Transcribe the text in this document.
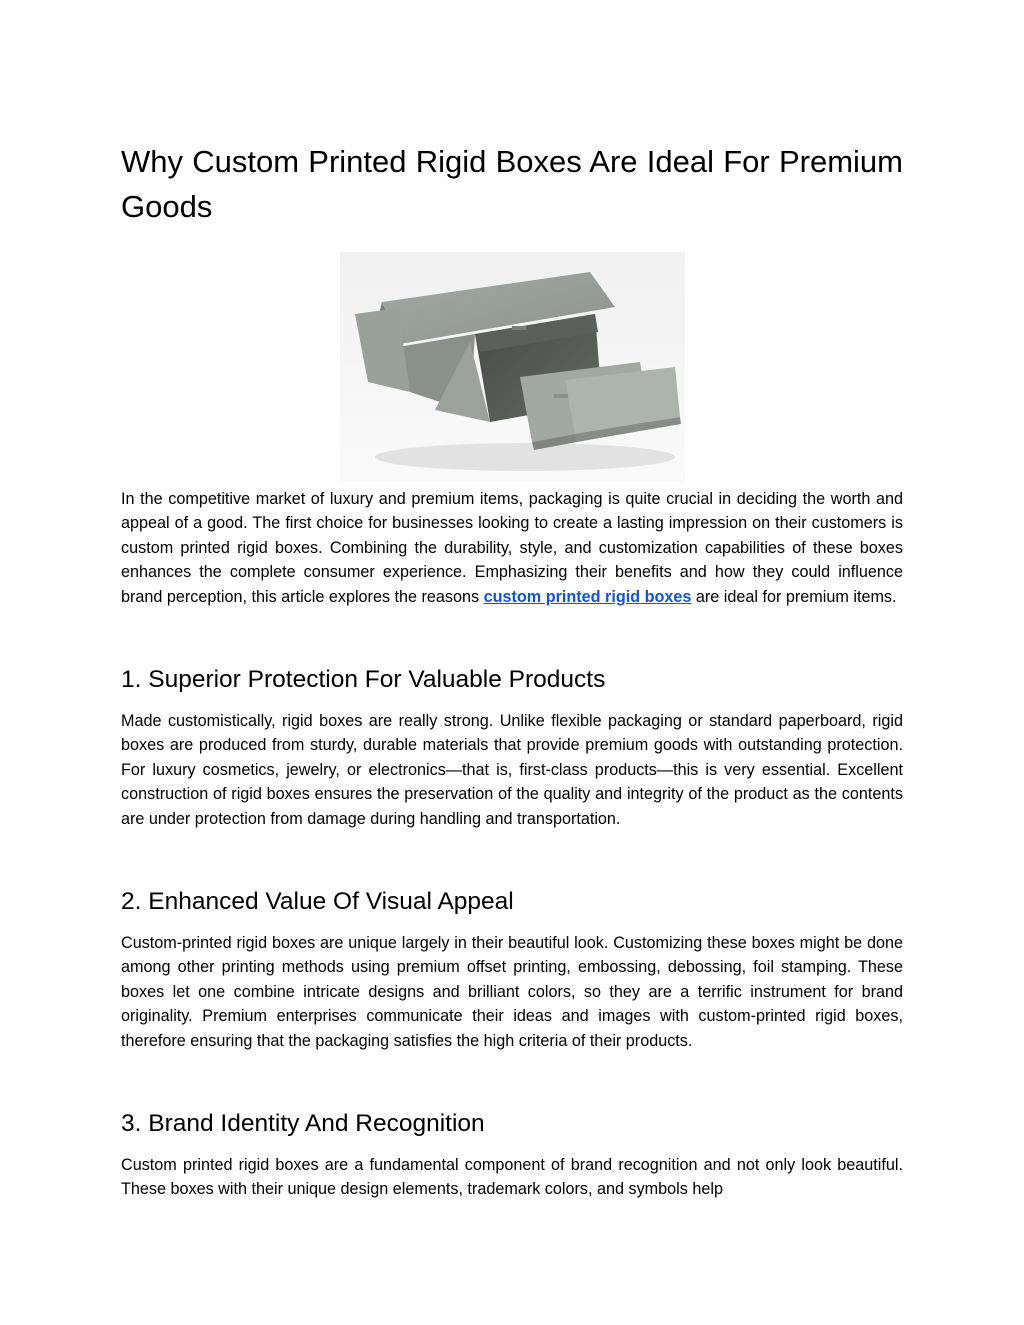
Why Custom Printed Rigid Boxes Are Ideal For Premium Goods

In the competitive market of luxury and premium items, packaging is quite crucial in deciding the worth and appeal of a good. The first choice for businesses looking to create a lasting impression on their customers is custom printed rigid boxes. Combining the durability, style, and customization capabilities of these boxes enhances the complete consumer experience. Emphasizing their benefits and how they could influence brand perception, this article explores the reasons custom printed rigid boxes are ideal for premium items.

1. Superior Protection For Valuable Products

Made customistically, rigid boxes are really strong. Unlike flexible packaging or standard paperboard, rigid boxes are produced from sturdy, durable materials that provide premium goods with outstanding protection. For luxury cosmetics, jewelry, or electronics—that is, first-class products—this is very essential. Excellent construction of rigid boxes ensures the preservation of the quality and integrity of the product as the contents are under protection from damage during handling and transportation.

2. Enhanced Value Of Visual Appeal

Custom-printed rigid boxes are unique largely in their beautiful look. Customizing these boxes might be done among other printing methods using premium offset printing, embossing, debossing, foil stamping. These boxes let one combine intricate designs and brilliant colors, so they are a terrific instrument for brand originality. Premium enterprises communicate their ideas and images with custom-printed rigid boxes, therefore ensuring that the packaging satisfies the high criteria of their products.

3. Brand Identity And Recognition

Custom printed rigid boxes are a fundamental component of brand recognition and not only look beautiful. These boxes with their unique design elements, trademark colors, and symbols help
